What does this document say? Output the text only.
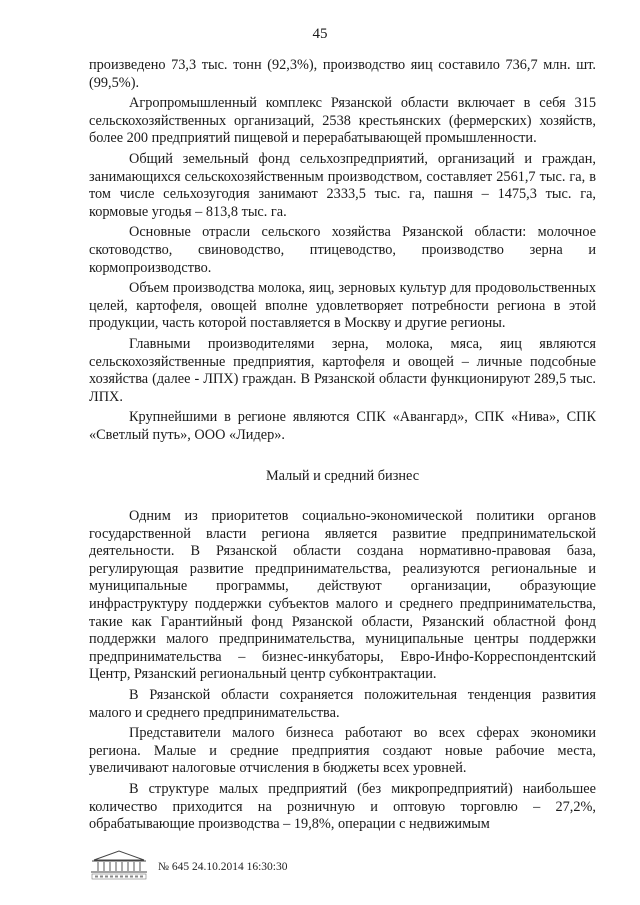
45

произведено 73,3 тыс. тонн (92,3%), производство яиц составило 736,7 млн. шт. (99,5%).

Агропромышленный комплекс Рязанской области включает в себя 315 сельскохозяйственных организаций, 2538 крестьянских (фермерских) хозяйств, более 200 предприятий пищевой и перерабатывающей промышленности.

Общий земельный фонд сельхозпредприятий, организаций и граждан, занимающихся сельскохозяйственным производством, составляет 2561,7 тыс. га, в том числе сельхозугодия занимают 2333,5 тыс. га, пашня – 1475,3 тыс. га, кормовые угодья – 813,8 тыс. га.

Основные отрасли сельского хозяйства Рязанской области: молочное скотоводство, свиноводство, птицеводство, производство зерна и кормопроизводство.

Объем производства молока, яиц, зерновых культур для продовольственных целей, картофеля, овощей вполне удовлетворяет потребности региона в этой продукции, часть которой поставляется в Москву и другие регионы.

Главными производителями зерна, молока, мяса, яиц являются сельскохозяйственные предприятия, картофеля и овощей – личные подсобные хозяйства (далее - ЛПХ) граждан. В Рязанской области функционируют 289,5 тыс. ЛПХ.

Крупнейшими в регионе являются СПК «Авангард», СПК «Нива», СПК «Светлый путь», ООО «Лидер».

Малый и средний бизнес

Одним из приоритетов социально-экономической политики органов государственной власти региона является развитие предпринимательской деятельности. В Рязанской области создана нормативно-правовая база, регулирующая развитие предпринимательства, реализуются региональные и муниципальные программы, действуют организации, образующие инфраструктуру поддержки субъектов малого и среднего предпринимательства, такие как Гарантийный фонд Рязанской области, Рязанский областной фонд поддержки малого предпринимательства, муниципальные центры поддержки предпринимательства – бизнес-инкубаторы, Евро-Инфо-Корреспондентский Центр, Рязанский региональный центр субконтрактации.

В Рязанской области сохраняется положительная тенденция развития малого и среднего предпринимательства.

Представители малого бизнеса работают во всех сферах экономики региона. Малые и средние предприятия создают новые рабочие места, увеличивают налоговые отчисления в бюджеты всех уровней.

В структуре малых предприятий (без микропредприятий) наибольшее количество приходится на розничную и оптовую торговлю – 27,2%, обрабатывающие производства – 19,8%, операции с недвижимым

№ 645 24.10.2014 16:30:30
